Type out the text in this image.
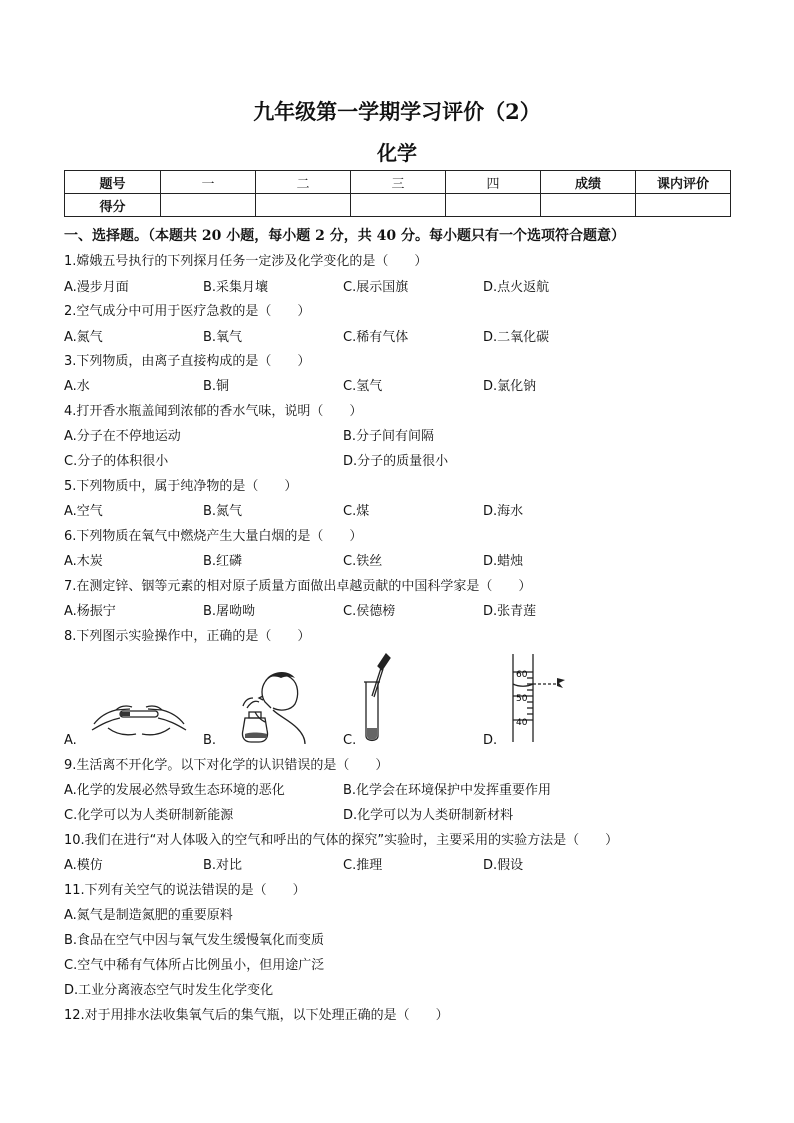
九年级第一学期学习评价（2）
化学
题号	一	二	三	四	成绩	课内评价
得分						
一、选择题。（本题共 20 小题，每小题 2 分，共 40 分。每小题只有一个选项符合题意）
1.嫦娥五号执行的下列探月任务一定涉及化学变化的是（　　）
A.漫步月面	B.采集月壤	C.展示国旗	D.点火返航
2.空气成分中可用于医疗急救的是（　　）
A.氮气	B.氧气	C.稀有气体	D.二氧化碳
3.下列物质，由离子直接构成的是（　　）
A.水	B.铜	C.氢气	D.氯化钠
4.打开香水瓶盖闻到浓郁的香水气味，说明（　　）
A.分子在不停地运动	B.分子间有间隔
C.分子的体积很小	D.分子的质量很小
5.下列物质中，属于纯净物的是（　　）
A.空气	B.氮气	C.煤	D.海水
6.下列物质在氧气中燃烧产生大量白烟的是（　　）
A.木炭	B.红磷	C.铁丝	D.蜡烛
7.在测定锌、铟等元素的相对原子质量方面做出卓越贡献的中国科学家是（　　）
A.杨振宁	B.屠呦呦	C.侯德榜	D.张青莲
8.下列图示实验操作中，正确的是（　　）
60
50
40
A.	B.	C.	D.
9.生活离不开化学。以下对化学的认识错误的是（　　）
A.化学的发展必然导致生态环境的恶化	B.化学会在环境保护中发挥重要作用
C.化学可以为人类研制新能源	D.化学可以为人类研制新材料
10.我们在进行“对人体吸入的空气和呼出的气体的探究”实验时，主要采用的实验方法是（　　）
A.模仿	B.对比	C.推理	D.假设
11.下列有关空气的说法错误的是（　　）
A.氮气是制造氮肥的重要原料
B.食品在空气中因与氧气发生缓慢氧化而变质
C.空气中稀有气体所占比例虽小，但用途广泛
D.工业分离液态空气时发生化学变化
12.对于用排水法收集氧气后的集气瓶，以下处理正确的是（　　）
